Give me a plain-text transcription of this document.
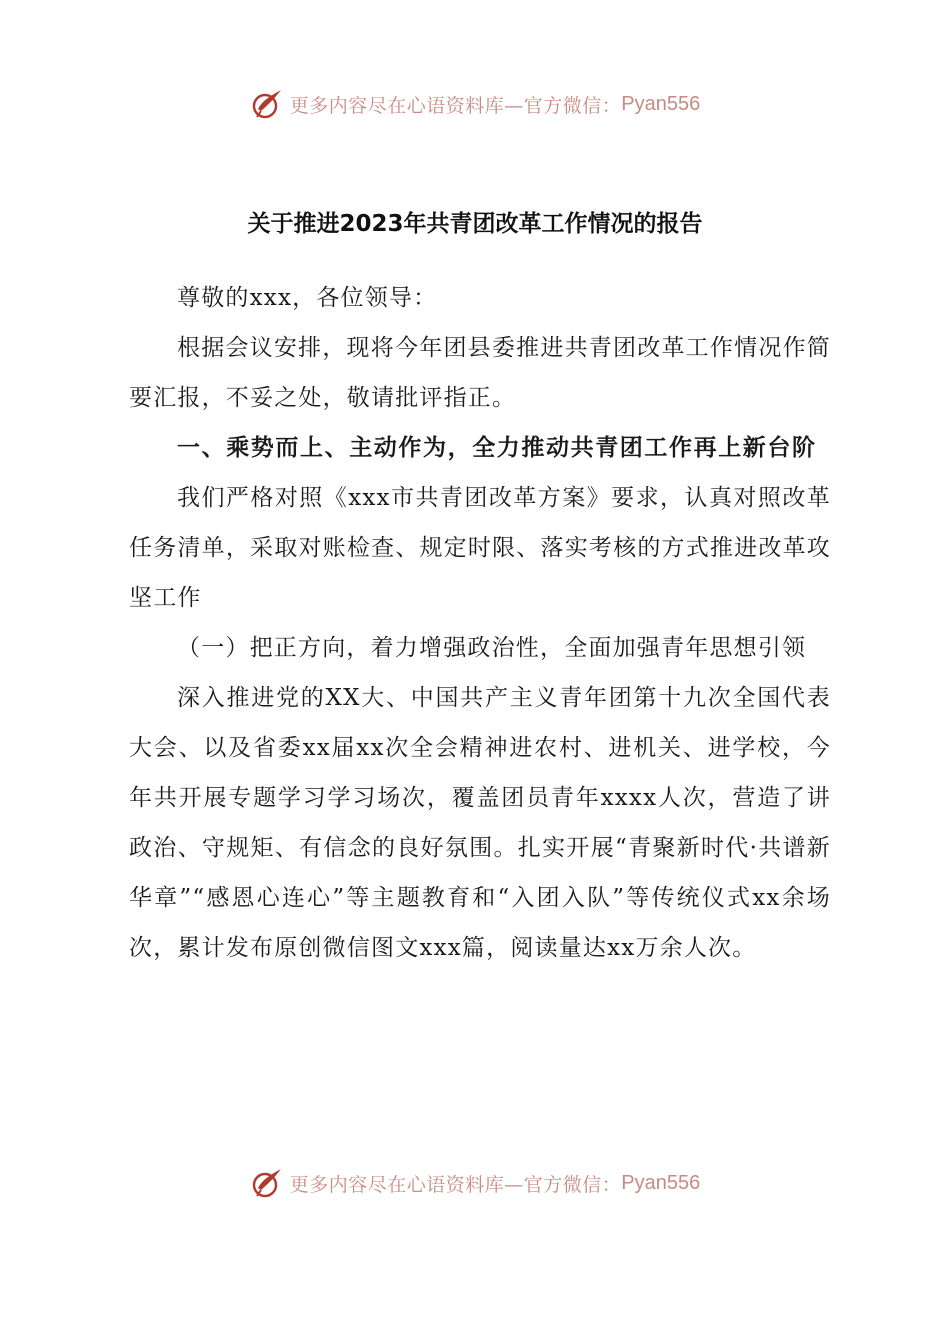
更多内容尽在心语资料库—官方微信： Pyan556
关于推进2023年共青团改革工作情况的报告

尊敬的xxx，各位领导：

根据会议安排，现将今年团县委推进共青团改革工作情况作简要汇报，不妥之处，敬请批评指正。

一、乘势而上、主动作为，全力推动共青团工作再上新台阶

我们严格对照《xxx市共青团改革方案》要求，认真对照改革任务清单，采取对账检查、规定时限、落实考核的方式推进改革攻坚工作

（一）把正方向，着力增强政治性，全面加强青年思想引领

深入推进党的XX大、中国共产主义青年团第十九次全国代表大会、以及省委xx届xx次全会精神进农村、进机关、进学校，今年共开展专题学习学习场次，覆盖团员青年xxxx人次，营造了讲政治、守规矩、有信念的良好氛围。扎实开展“青聚新时代·共谱新华章”“感恩心连心”等主题教育和“入团入队”等传统仪式xx余场次，累计发布原创微信图文xxx篇，阅读量达xx万余人次。

更多内容尽在心语资料库—官方微信： Pyan556
